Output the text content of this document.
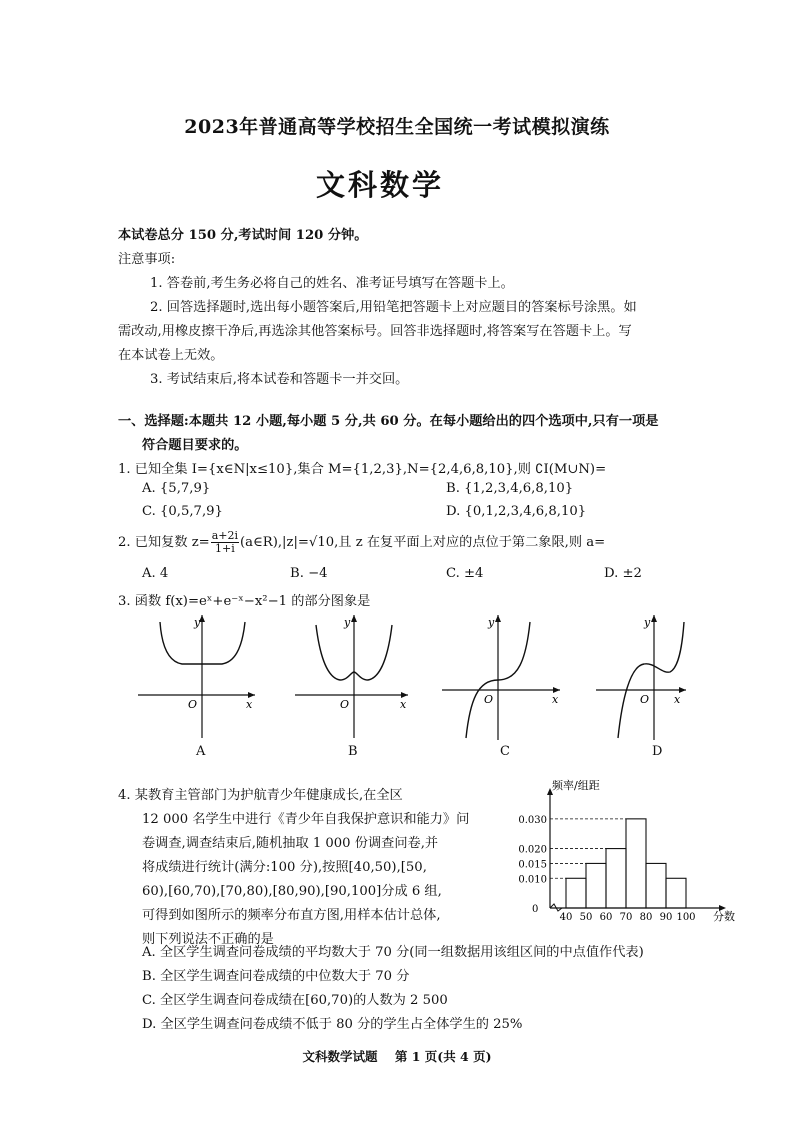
2023年普通高等学校招生全国统一考试模拟演练
文科数学
本试卷总分 150 分,考试时间 120 分钟。
注意事项:
1. 答卷前,考生务必将自己的姓名、准考证号填写在答题卡上。
2. 回答选择题时,选出每小题答案后,用铅笔把答题卡上对应题目的答案标号涂黑。如
需改动,用橡皮擦干净后,再选涂其他答案标号。回答非选择题时,将答案写在答题卡上。写
在本试卷上无效。
3. 考试结束后,将本试卷和答题卡一并交回。
一、选择题:本题共 12 小题,每小题 5 分,共 60 分。在每小题给出的四个选项中,只有一项是
符合题目要求的。
1. 已知全集 I={x∈N|x≤10},集合 M={1,2,3},N={2,4,6,8,10},则 ∁I(M∪N)=
A. {5,7,9}	B. {1,2,3,4,6,8,10}
C. {0,5,7,9}	D. {0,1,2,3,4,6,8,10}
2. 已知复数 $z= \frac{a+2i}{1+i}$ (a∈R),|z|=√10,且 z 在复平面上对应的点位于第二象限,则 a=
A. 4	B. −4	C. ±4	D. ±2
3. 函数 f(x)=eˣ+e⁻ˣ−x²−1 的部分图象是
y
x
O
y
x
O
y
x
O
y
x
O
A	B	C	D
4. 某教育主管部门为护航青少年健康成长,在全区
12 000 名学生中进行《青少年自我保护意识和能力》问
卷调查,调查结束后,随机抽取 1 000 份调查问卷,并
将成绩进行统计(满分:100 分),按照[40,50),[50,
60),[60,70),[70,80),[80,90),[90,100]分成 6 组,
可得到如图所示的频率分布直方图,用样本估计总体,
则下列说法不正确的是
频率/组距
分数
0
0.030
0.020
0.015
0.010
40 50 60 70 80 90 100
A. 全区学生调查问卷成绩的平均数大于 70 分(同一组数据用该组区间的中点值作代表)
B. 全区学生调查问卷成绩的中位数大于 70 分
C. 全区学生调查问卷成绩在[60,70)的人数为 2 500
D. 全区学生调查问卷成绩不低于 80 分的学生占全体学生的 25%
文科数学试题    第 1 页(共 4 页)
